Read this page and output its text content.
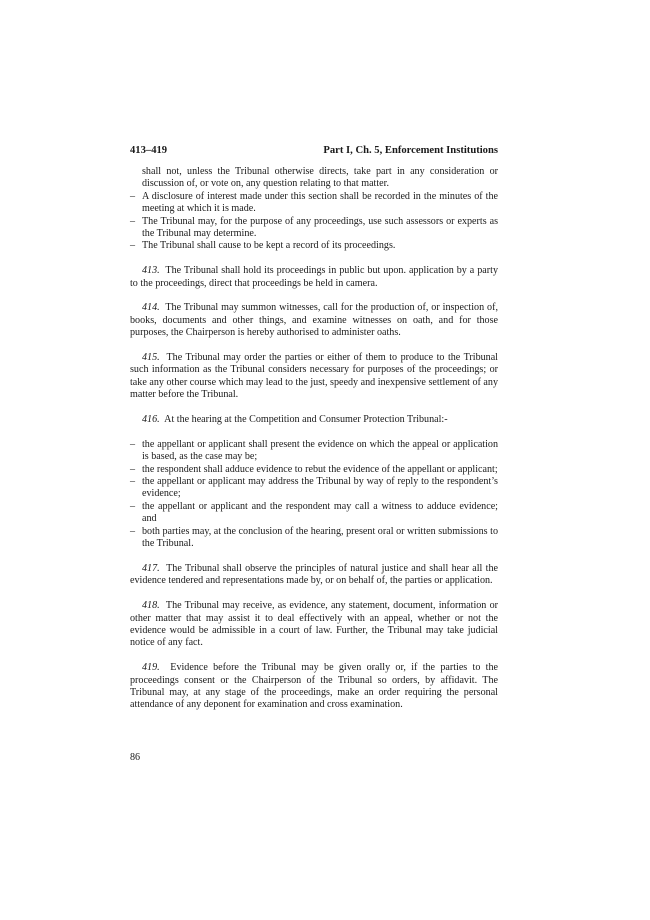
413–419	Part I, Ch. 5, Enforcement Institutions

shall not, unless the Tribunal otherwise directs, take part in any consideration or discussion of, or vote on, any question relating to that matter.

– A disclosure of interest made under this section shall be recorded in the minutes of the meeting at which it is made.
– The Tribunal may, for the purpose of any proceedings, use such assessors or experts as the Tribunal may determine.
– The Tribunal shall cause to be kept a record of its proceedings.

413. The Tribunal shall hold its proceedings in public but upon. application by a party to the proceedings, direct that proceedings be held in camera.

414. The Tribunal may summon witnesses, call for the production of, or inspection of, books, documents and other things, and examine witnesses on oath, and for those purposes, the Chairperson is hereby authorised to administer oaths.

415. The Tribunal may order the parties or either of them to produce to the Tribunal such information as the Tribunal considers necessary for purposes of the proceedings; or take any other course which may lead to the just, speedy and inexpensive settlement of any matter before the Tribunal.

416. At the hearing at the Competition and Consumer Protection Tribunal:-

– the appellant or applicant shall present the evidence on which the appeal or application is based, as the case may be;
– the respondent shall adduce evidence to rebut the evidence of the appellant or applicant;
– the appellant or applicant may address the Tribunal by way of reply to the respondent’s evidence;
– the appellant or applicant and the respondent may call a witness to adduce evidence; and
– both parties may, at the conclusion of the hearing, present oral or written submissions to the Tribunal.

417. The Tribunal shall observe the principles of natural justice and shall hear all the evidence tendered and representations made by, or on behalf of, the parties or application.

418. The Tribunal may receive, as evidence, any statement, document, information or other matter that may assist it to deal effectively with an appeal, whether or not the evidence would be admissible in a court of law. Further, the Tribunal may take judicial notice of any fact.

419. Evidence before the Tribunal may be given orally or, if the parties to the proceedings consent or the Chairperson of the Tribunal so orders, by affidavit. The Tribunal may, at any stage of the proceedings, make an order requiring the personal attendance of any deponent for examination and cross examination.

86
